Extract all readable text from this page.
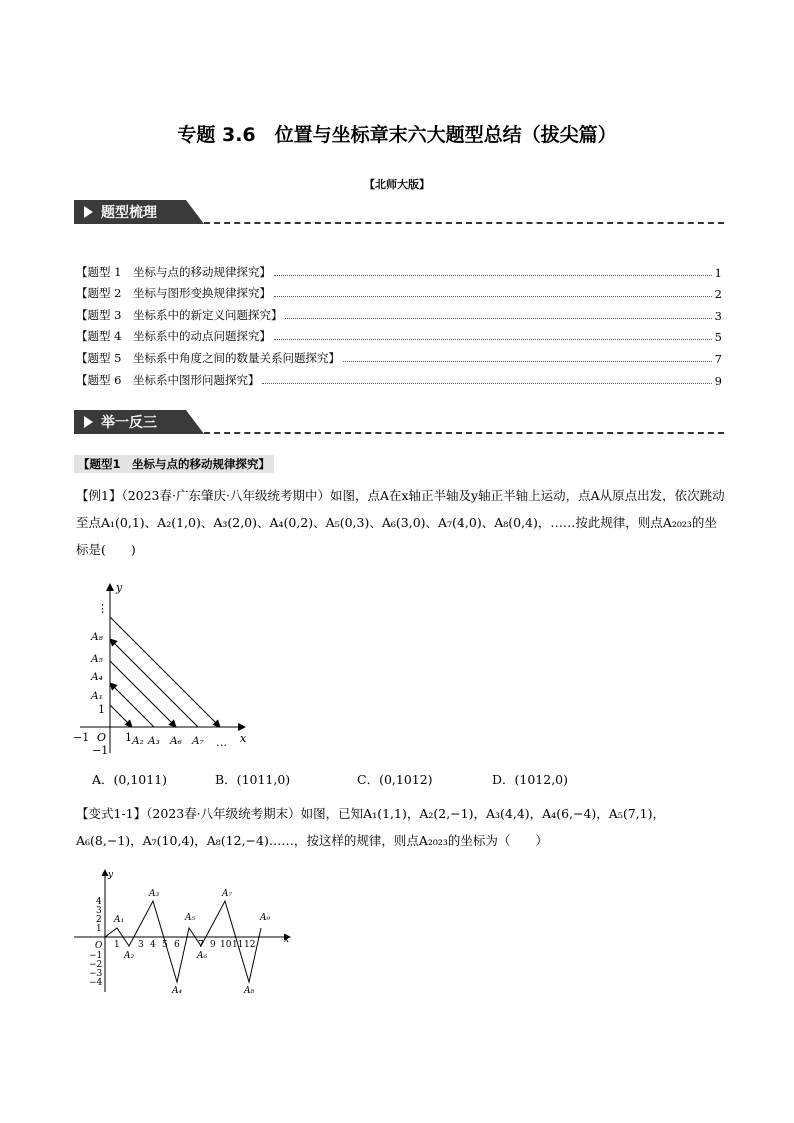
专题 3.6　位置与坐标章末六大题型总结（拔尖篇）
【北师大版】
题型梳理
【题型 1　坐标与点的移动规律探究】	1
【题型 2　坐标与图形变换规律探究】	2
【题型 3　坐标系中的新定义问题探究】	3
【题型 4　坐标系中的动点问题探究】	5
【题型 5　坐标系中角度之间的数量关系问题探究】	7
【题型 6　坐标系中图形问题探究】	9
举一反三
【题型1　坐标与点的移动规律探究】
【例1】（2023春·广东肇庆·八年级统考期中）如图，点A在x轴正半轴及y轴正半轴上运动，点A从原点出发，依次跳动至点A₁(0,1)、A₂(1,0)、A₃(2,0)、A₄(0,2)、A₅(0,3)、A₆(3,0)、A₇(4,0)、A₈(0,4)，……按此规律，则点A₂₀₂₃的坐标是(　　)
y
x
⋮
…
O
1
−1
−1	1
A₁
A₄
A₅
A₈
A₂ A₃ A₆ A₇
A．(0,1011)	B．(1011,0)	C．(0,1012)	D．(1012,0)
【变式1-1】（2023春·八年级统考期末）如图，已知A₁(1,1)，A₂(2,−1)，A₃(4,4)，A₄(6,−4)，A₅(7,1)，A₆(8,−1)，A₇(10,4)，A₈(12,−4)……，按这样的规律，则点A₂₀₂₃的坐标为（　　）
y
x
O
4
3
2
1
−1
−2
−3
−4
1 3 4 5 6 7 9 10 11 12
A₁
A₂
A₃
A₄
A₅
A₆
A₇
A₈
A₉
